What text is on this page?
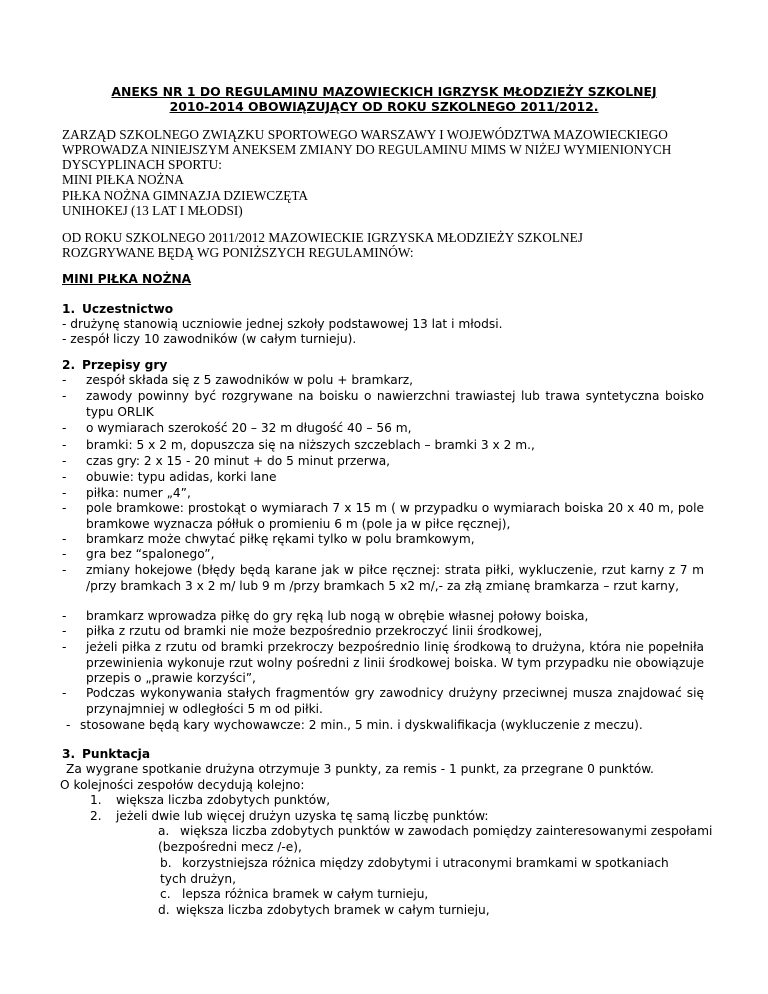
ANEKS NR 1 DO REGULAMINU MAZOWIECKICH IGRZYSK MŁODZIEŻY SZKOLNEJ
2010-2014 OBOWIĄZUJĄCY OD ROKU SZKOLNEGO 2011/2012.
ZARZĄD SZKOLNEGO ZWIĄZKU SPORTOWEGO WARSZAWY I WOJEWÓDZTWA MAZOWIECKIEGO
WPROWADZA NINIEJSZYM ANEKSEM ZMIANY DO REGULAMINU MIMS W NIŻEJ WYMIENIONYCH
DYSCYPLINACH SPORTU:
MINI PIŁKA NOŻNA
PIŁKA NOŻNA GIMNAZJA DZIEWCZĘTA
UNIHOKEJ (13 LAT I MŁODSI)
OD ROKU SZKOLNEGO 2011/2012 MAZOWIECKIE IGRZYSKA MŁODZIEŻY SZKOLNEJ
ROZGRYWANE BĘDĄ WG PONIŻSZYCH REGULAMINÓW:
MINI PIŁKA NOŻNA
1. Uczestnictwo
- drużynę stanowią uczniowie jednej szkoły podstawowej 13 lat i młodsi.
- zespół liczy 10 zawodników (w całym turnieju).
2. Przepisy gry
- zespół składa się z 5 zawodników w polu + bramkarz,
- zawody powinny być rozgrywane na boisku o nawierzchni trawiastej lub trawa syntetyczna boisko typu ORLIK
- o wymiarach szerokość 20 – 32 m długość 40 – 56 m,
- bramki: 5 x 2 m, dopuszcza się na niższych szczeblach – bramki 3 x 2 m.,
- czas gry: 2 x 15 - 20 minut + do 5 minut przerwa,
- obuwie: typu adidas, korki lane
- piłka: numer „4”,
- pole bramkowe: prostokąt o wymiarach 7 x 15 m ( w przypadku o wymiarach boiska 20 x 40 m, pole bramkowe wyznacza półłuk o promieniu 6 m (pole ja w piłce ręcznej),
- bramkarz może chwytać piłkę rękami tylko w polu bramkowym,
- gra bez “spalonego”,
- zmiany hokejowe (błędy będą karane jak w piłce ręcznej: strata piłki, wykluczenie, rzut karny z 7 m /przy bramkach 3 x 2 m/ lub 9 m /przy bramkach 5 x2 m/,- za złą zmianę bramkarza – rzut karny,
- bramkarz wprowadza piłkę do gry ręką lub nogą w obrębie własnej połowy boiska,
- piłka z rzutu od bramki nie może bezpośrednio przekroczyć linii środkowej,
- jeżeli piłka z rzutu od bramki przekroczy bezpośrednio linię środkową to drużyna, która nie popełniła przewinienia wykonuje rzut wolny pośredni z linii środkowej boiska. W tym przypadku nie obowiązuje przepis o „prawie korzyści”,
- Podczas wykonywania stałych fragmentów gry zawodnicy drużyny przeciwnej musza znajdować się przynajmniej w odległości 5 m od piłki.
- stosowane będą kary wychowawcze: 2 min., 5 min. i dyskwalifikacja (wykluczenie z meczu).
3. Punktacja
Za wygrane spotkanie drużyna otrzymuje 3 punkty, za remis - 1 punkt, za przegrane 0 punktów.
O kolejności zespołów decydują kolejno:
1. większa liczba zdobytych punktów,
2. jeżeli dwie lub więcej drużyn uzyska tę samą liczbę punktów:
a. większa liczba zdobytych punktów w zawodach pomiędzy zainteresowanymi zespołami
(bezpośredni mecz /-e),
b. korzystniejsza różnica między zdobytymi i utraconymi bramkami w spotkaniach
tych drużyn,
c. lepsza różnica bramek w całym turnieju,
d. większa liczba zdobytych bramek w całym turnieju,
